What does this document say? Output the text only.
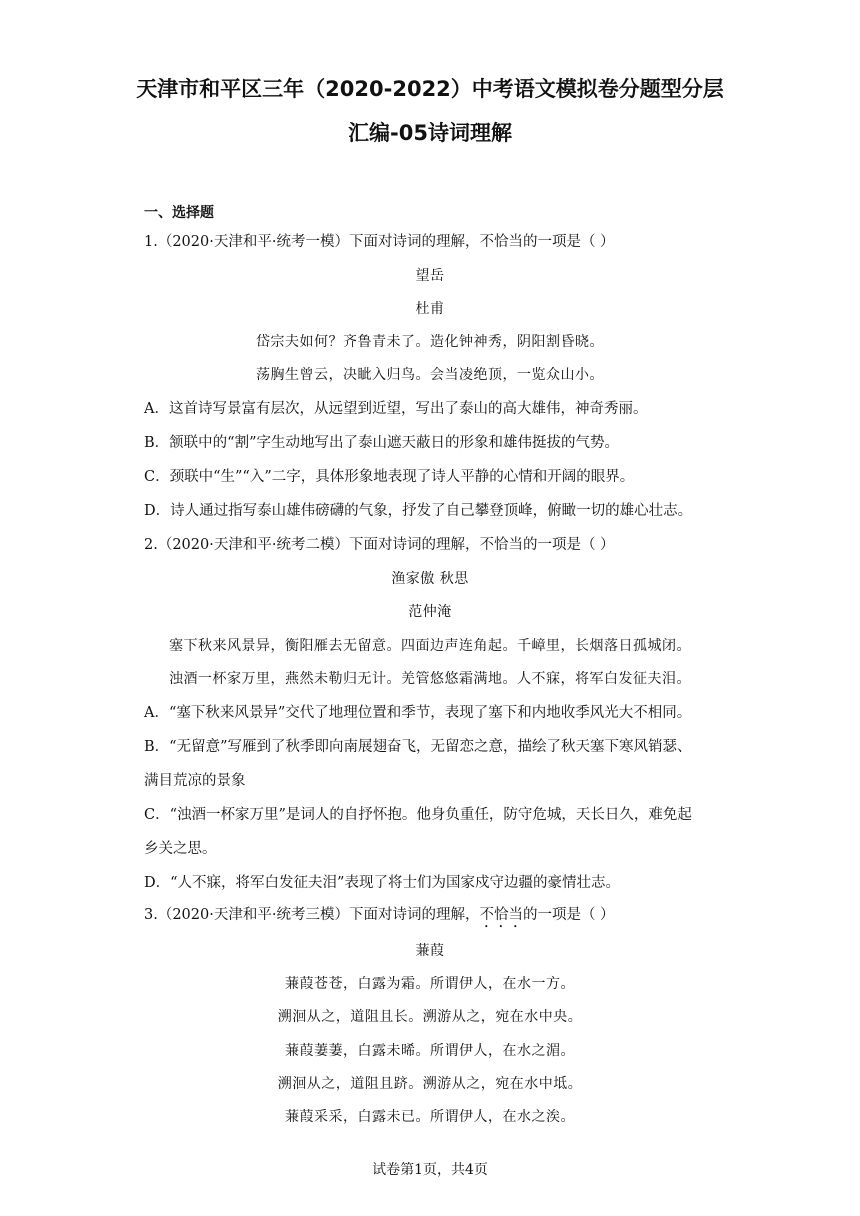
天津市和平区三年（2020-2022）中考语文模拟卷分题型分层
汇编-05诗词理解
一、选择题
1.（2020·天津和平·统考一模）下面对诗词的理解，不恰当的一项是（ ）
望岳
杜甫
岱宗夫如何？齐鲁青未了。造化钟神秀，阴阳割昏晓。
荡胸生曾云，决眦入归鸟。会当凌绝顶，一览众山小。
A．这首诗写景富有层次，从远望到近望，写出了泰山的高大雄伟，神奇秀丽。
B．颔联中的“割”字生动地写出了泰山遮天蔽日的形象和雄伟挺拔的气势。
C．颈联中“生”“入”二字，具体形象地表现了诗人平静的心情和开阔的眼界。
D．诗人通过指写泰山雄伟磅礴的气象，抒发了自己攀登顶峰，俯瞰一切的雄心壮志。
2.（2020·天津和平·统考二模）下面对诗词的理解，不恰当的一项是（ ）
渔家傲 秋思
范仲淹
塞下秋来风景异，衡阳雁去无留意。四面边声连角起。千嶂里，长烟落日孤城闭。
浊酒一杯家万里，燕然未勒归无计。羌管悠悠霜满地。人不寐，将军白发征夫泪。
A．“塞下秋来风景异”交代了地理位置和季节，表现了塞下和内地收季风光大不相同。
B．“无留意”写雁到了秋季即向南展翅奋飞，无留恋之意，描绘了秋天塞下寒风销瑟、
满目荒凉的景象
C．“浊酒一杯家万里”是词人的自抒怀抱。他身负重任，防守危城，天长日久，难免起
乡关之思。
D．“人不寐，将军白发征夫泪”表现了将士们为国家戍守边疆的豪情壮志。
3.（2020·天津和平·统考三模）下面对诗词的理解，不恰当的一项是（ ）
蒹葭
蒹葭苍苍，白露为霜。所谓伊人，在水一方。
溯洄从之，道阻且长。溯游从之，宛在水中央。
蒹葭萋萋，白露未晞。所谓伊人，在水之湄。
溯洄从之，道阻且跻。溯游从之，宛在水中坻。
蒹葭采采，白露未已。所谓伊人，在水之涘。
试卷第1页，共4页
